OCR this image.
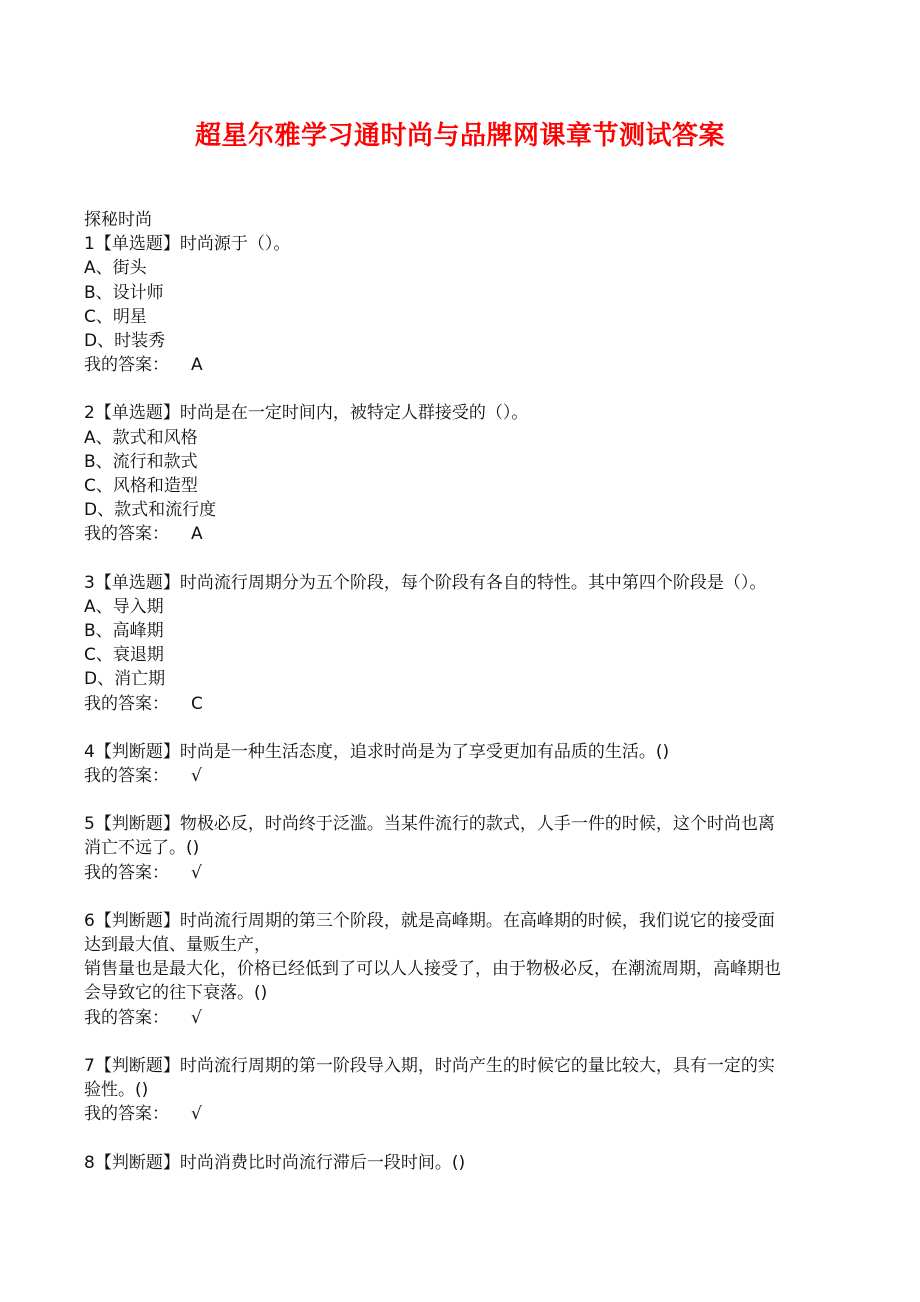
超星尔雅学习通时尚与品牌网课章节测试答案
探秘时尚
1【单选题】时尚源于（）。
A、街头
B、设计师
C、明星
D、时装秀
我的答案： A
2【单选题】时尚是在一定时间内，被特定人群接受的（）。
A、款式和风格
B、流行和款式
C、风格和造型
D、款式和流行度
我的答案： A
3【单选题】时尚流行周期分为五个阶段，每个阶段有各自的特性。其中第四个阶段是（）。
A、导入期
B、高峰期
C、衰退期
D、消亡期
我的答案： C
4【判断题】时尚是一种生活态度，追求时尚是为了享受更加有品质的生活。()
我的答案： √
5【判断题】物极必反，时尚终于泛滥。当某件流行的款式，人手一件的时候，这个时尚也离
消亡不远了。()
我的答案： √
6【判断题】时尚流行周期的第三个阶段，就是高峰期。在高峰期的时候，我们说它的接受面
达到最大值、量贩生产，
销售量也是最大化，价格已经低到了可以人人接受了，由于物极必反，在潮流周期，高峰期也
会导致它的往下衰落。()
我的答案： √
7【判断题】时尚流行周期的第一阶段导入期，时尚产生的时候它的量比较大，具有一定的实
验性。()
我的答案： √
8【判断题】时尚消费比时尚流行滞后一段时间。()
